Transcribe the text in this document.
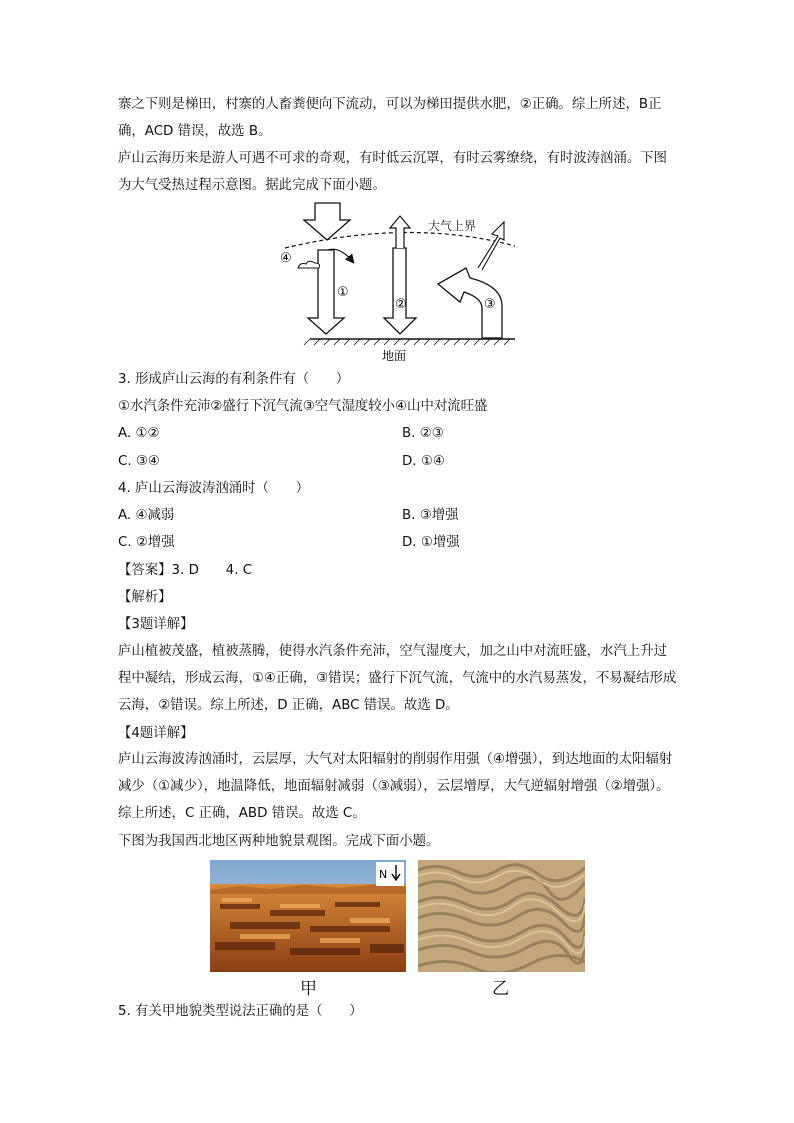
寨之下则是梯田，村寨的人畜粪便向下流动，可以为梯田提供水肥，②正确。综上所述，B正确，ACD 错误，故选 B。

庐山云海历来是游人可遇不可求的奇观，有时低云沉罩，有时云雾缭绕，有时波涛汹涌。下图为大气受热过程示意图。据此完成下面小题。

大气上界
①
④
②	③
地面
3. 形成庐山云海的有利条件有（　　）
①水汽条件充沛②盛行下沉气流③空气湿度较小④山中对流旺盛
A. ①②	B. ②③
C. ③④	D. ①④
4. 庐山云海波涛汹涌时（　　）
A. ④减弱	B. ③增强
C. ②增强	D. ①增强
【答案】3. D　　4. C
【解析】
【3题详解】

庐山植被茂盛，植被蒸腾，使得水汽条件充沛，空气湿度大，加之山中对流旺盛，水汽上升过程中凝结，形成云海，①④正确，③错误；盛行下沉气流，气流中的水汽易蒸发，不易凝结形成云海，②错误。综上所述，D 正确，ABC 错误。故选 D。

【4题详解】

庐山云海波涛汹涌时，云层厚，大气对太阳辐射的削弱作用强（④增强），到达地面的太阳辐射减少（①减少），地温降低，地面辐射减弱（③减弱），云层增厚，大气逆辐射增强（②增强）。综上所述，C 正确，ABD 错误。故选 C。

下图为我国西北地区两种地貌景观图。完成下面小题。
N
甲	乙
5. 有关甲地貌类型说法正确的是（　　）
